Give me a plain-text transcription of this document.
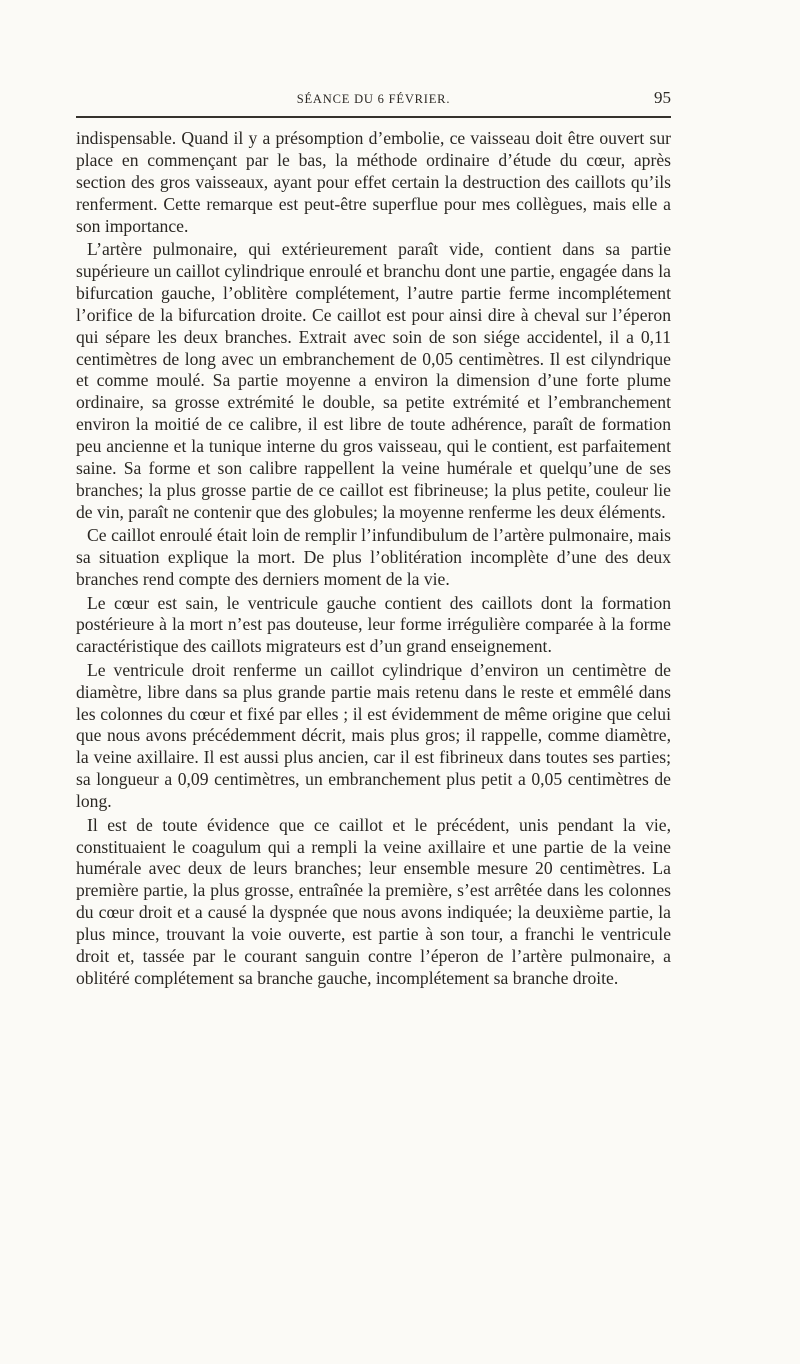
SÉANCE DU 6 FÉVRIER.	95

indispensable. Quand il y a présomption d’embolie, ce vaisseau doit être ouvert sur place en commençant par le bas, la méthode ordinaire d’étude du cœur, après section des gros vaisseaux, ayant pour effet certain la destruction des caillots qu’ils renferment. Cette remarque est peut-être superflue pour mes collègues, mais elle a son importance.

L’artère pulmonaire, qui extérieurement paraît vide, contient dans sa partie supérieure un caillot cylindrique enroulé et branchu dont une partie, engagée dans la bifurcation gauche, l’oblitère complétement, l’autre partie ferme incomplétement l’orifice de la bifurcation droite. Ce caillot est pour ainsi dire à cheval sur l’éperon qui sépare les deux branches. Extrait avec soin de son siége accidentel, il a 0,11 centimètres de long avec un embranchement de 0,05 centimètres. Il est cilyndrique et comme moulé. Sa partie moyenne a environ la dimension d’une forte plume ordinaire, sa grosse extrémité le double, sa petite extrémité et l’embranchement environ la moitié de ce calibre, il est libre de toute adhérence, paraît de formation peu ancienne et la tunique interne du gros vaisseau, qui le contient, est parfaitement saine. Sa forme et son calibre rappellent la veine humérale et quelqu’une de ses branches; la plus grosse partie de ce caillot est fibrineuse; la plus petite, couleur lie de vin, paraît ne contenir que des globules; la moyenne renferme les deux éléments.

Ce caillot enroulé était loin de remplir l’infundibulum de l’artère pulmonaire, mais sa situation explique la mort. De plus l’oblitération incomplète d’une des deux branches rend compte des derniers moment de la vie.

Le cœur est sain, le ventricule gauche contient des caillots dont la formation postérieure à la mort n’est pas douteuse, leur forme irrégulière comparée à la forme caractéristique des caillots migrateurs est d’un grand enseignement.

Le ventricule droit renferme un caillot cylindrique d’environ un centimètre de diamètre, libre dans sa plus grande partie mais retenu dans le reste et emmêlé dans les colonnes du cœur et fixé par elles ; il est évidemment de même origine que celui que nous avons précédemment décrit, mais plus gros; il rappelle, comme diamètre, la veine axillaire. Il est aussi plus ancien, car il est fibrineux dans toutes ses parties; sa longueur a 0,09 centimètres, un embranchement plus petit a 0,05 centimètres de long.

Il est de toute évidence que ce caillot et le précédent, unis pendant la vie, constituaient le coagulum qui a rempli la veine axillaire et une partie de la veine humérale avec deux de leurs branches; leur ensemble mesure 20 centimètres. La première partie, la plus grosse, entraînée la première, s’est arrêtée dans les colonnes du cœur droit et a causé la dyspnée que nous avons indiquée; la deuxième partie, la plus mince, trouvant la voie ouverte, est partie à son tour, a franchi le ventricule droit et, tassée par le courant sanguin contre l’éperon de l’artère pulmonaire, a oblitéré complétement sa branche gauche, incomplétement sa branche droite.
